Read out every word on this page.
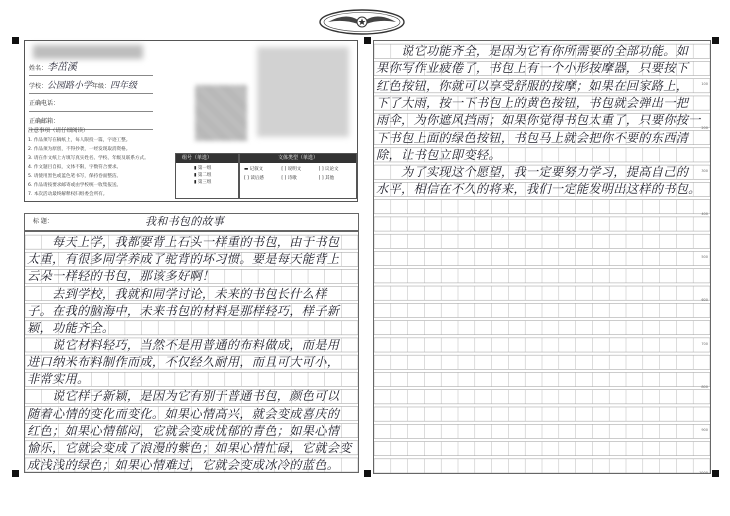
姓名：李茁溪
学校：公园路小学年级：四年级
正确电话：
正确邮箱：
注意事项（请仔细阅读）
1. 作品须写在稿纸上，每人限投一篇，字迹工整。
2. 作品须为原创，不得抄袭，一经发现取消资格。
3. 请在作文纸上方填写真实姓名、学校、年级及联系方式。
4. 作文题目自拟，文体不限，字数符合要求。
5. 请使用黑色或蓝色笔书写，保持卷面整洁。
6. 作品请按要求邮寄或由学校统一收集报送。
7. 本次活动最终解释权归组委会所有。
组号（单选）
▮ 第一组
▮ 第二组
▮ 第三组
文体类型（单选）
▬ 记叙文	[ ] 说明文	[ ] 议论文
[ ] 读后感	[ ] 诗歌	[ ] 其他
标 题：	我和书包的故事
　　每天上学，我都要背上石头一样重的书包，由于书包
太重，有很多同学养成了驼背的坏习惯。要是每天能背上
云朵一样轻的书包，那该多好啊！
　　去到学校，我就和同学讨论，未来的书包长什么样
子。在我的脑海中，未来书包的材料是那样轻巧，样子新
颖，功能齐全。
　　说它材料轻巧，当然不是用普通的布料做成，而是用
进口纳米布料制作而成，不仅经久耐用，而且可大可小，
非常实用。
　　说它样子新颖，是因为它有别于普通书包，颜色可以
随着心情的变化而变化。如果心情高兴，就会变成喜庆的
红色；如果心情郁闷，它就会变成忧郁的青色；如果心情
愉乐，它就会变成了浪漫的紫色；如果心情忙碌，它就会变
成浅浅的绿色；如果心情难过，它就会变成冰冷的蓝色。
　　说它功能齐全，是因为它有你所需要的全部功能。如
果你写作业疲倦了，书包上有一个小形按摩器，只要按下
红色按钮，你就可以享受舒服的按摩；如果在回家路上，
下了大雨，按一下书包上的黄色按钮，书包就会弹出一把
雨伞，为你遮风挡雨；如果你觉得书包太重了，只要你按一
下书包上面的绿色按钮，书包马上就会把你不要的东西清
除，让书包立即变轻。
　　为了实现这个愿望，我一定要努力学习，提高自己的
水平，相信在不久的将来，我们一定能发明出这样的书包。
100
200
300
400
500
600
700
800
900
1000
